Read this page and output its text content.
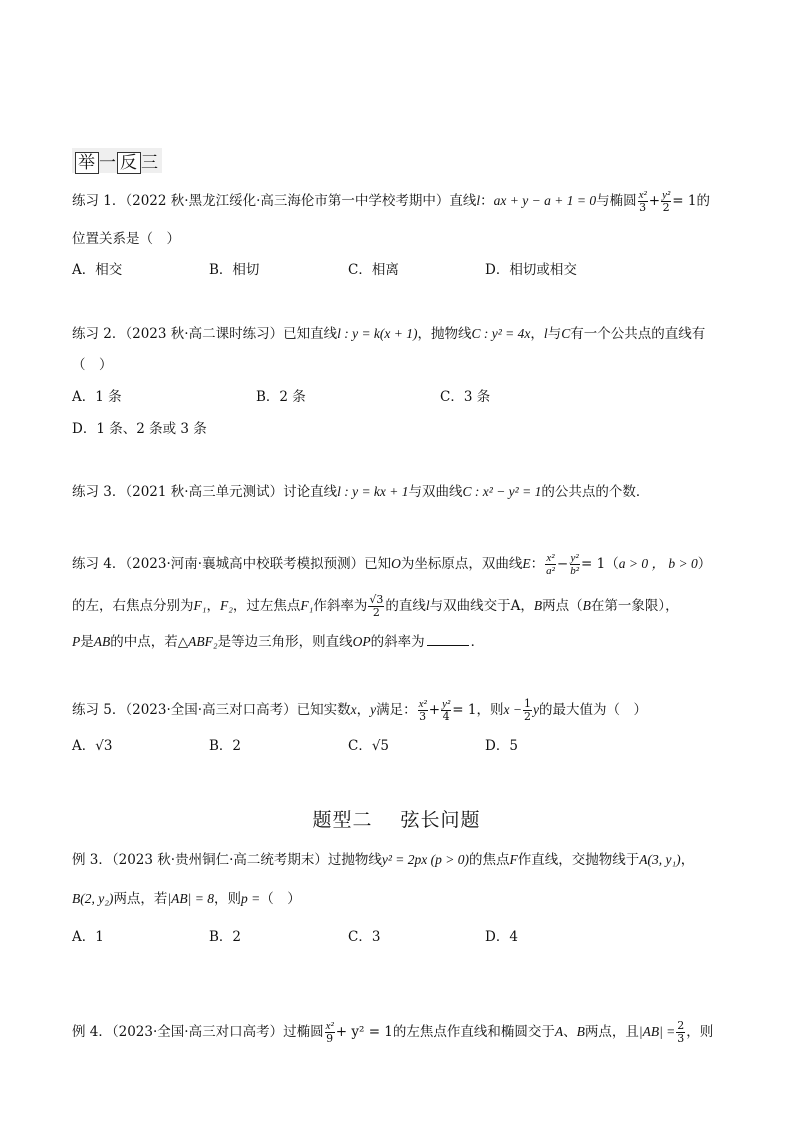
举 一 反 三
练习 1．（2022 秋·黑龙江绥化·高三海伦市第一中学校考期中）直线l：ax + y − a + 1 = 0与椭圆 $\frac{\text{x²}}{3} + \frac{\text{y²}}{2} = 1$的
位置关系是（　）
A．相交	B．相切	C．相离	D．相切或相交
练习 2．（2023 秋·高二课时练习）已知直线l : y = k(x + 1)，抛物线C : y² = 4x，l与C有一个公共点的直线有
（　）
A．1 条	B．2 条	C．3 条
D．1 条、2 条或 3 条
练习 3．（2021 秋·高三单元测试）讨论直线l : y = kx + 1与双曲线C : x² − y² = 1的公共点的个数．
练习 4．（2023·河南·襄城高中校联考模拟预测）已知O为坐标原点，双曲线E： $\frac{\text{x²}}{\text{a²}} - \frac{\text{y²}}{\text{b²}} = 1(a > 0$ ， b > 0）
的左，右焦点分别为F₁，F₂，过左焦点F₁作斜率为 $\frac{√3}{2}$ 的直线l与双曲线交于A，B两点（B在第一象限），
P是AB的中点，若△ABF₂是等边三角形，则直线OP的斜率为	．
练习 5．（2023·全国·高三对口高考）已知实数x，y满足： $\frac{\text{x²}}{3} + \frac{\text{y²}}{4} = 1$，则$x - \frac{1}{2}$ y的最大值为（　）
A．√3	B．2	C．√5	D．5
题型二 弦长问题
例 3．（2023 秋·贵州铜仁·高二统考期末）过抛物线y² = 2px (p > 0)的焦点F作直线，交抛物线于A(3, y₁)，
B(2, y₂)两点，若|AB| = 8，则p =（　）
A．1	B．2	C．3	D．4
例 4．（2023·全国·高三对口高考）过椭圆 $\frac{\text{x²}}{9} + y^2 = 1$的左焦点作直线和椭圆交于A、B两点，且$|AB| = \frac{2}{3}$ ，则
